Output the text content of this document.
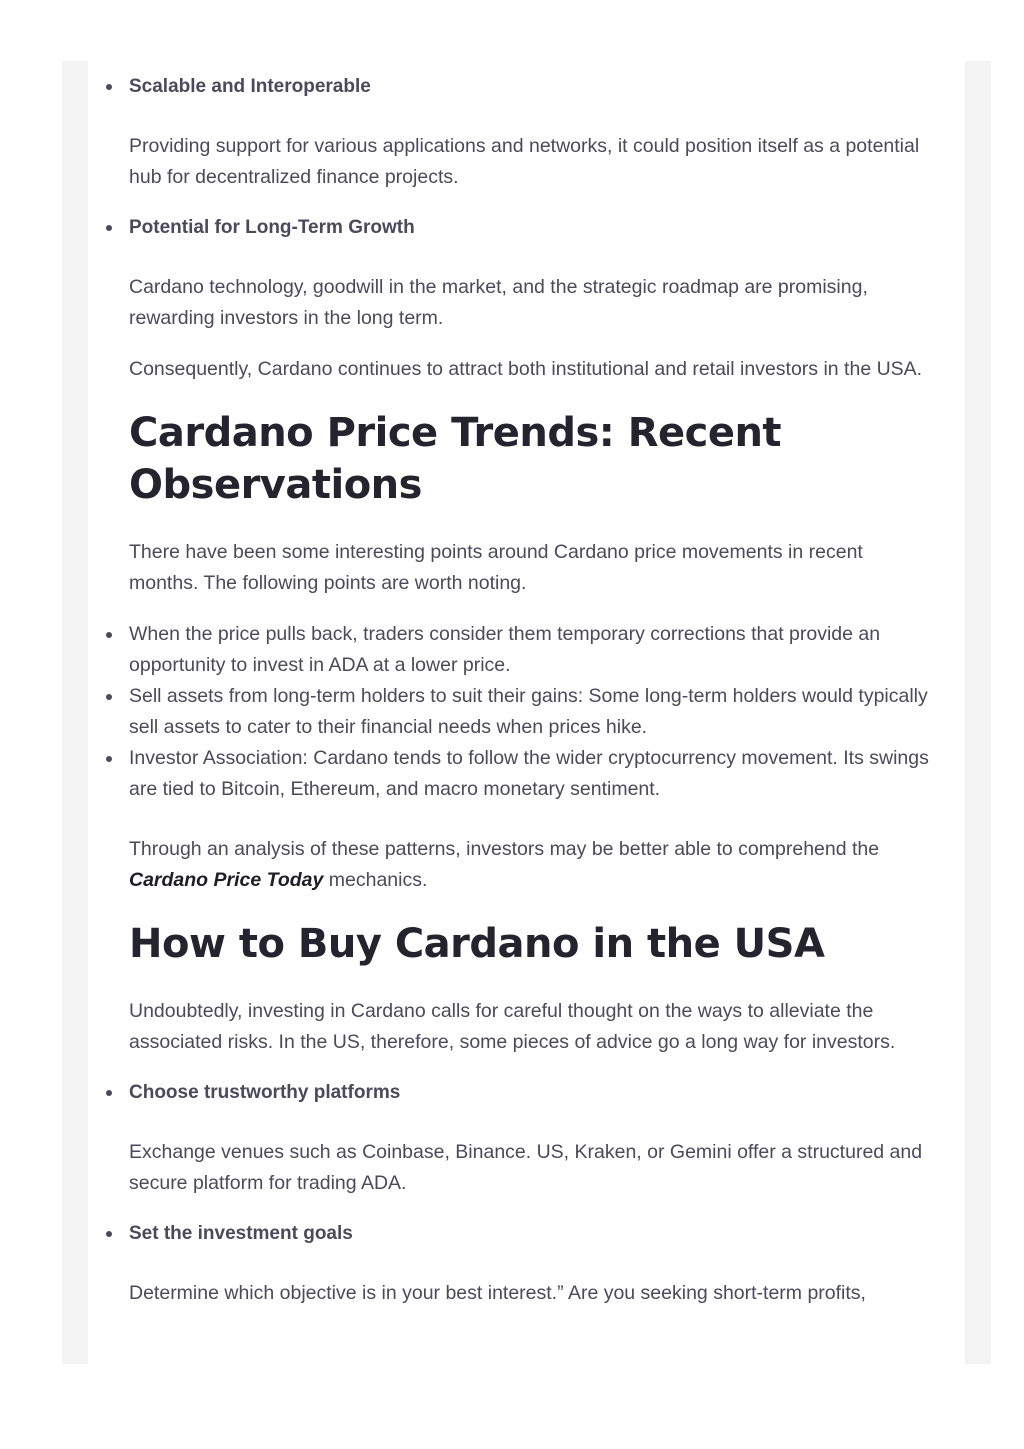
Scalable and Interoperable

Providing support for various applications and networks, it could position itself as a potential hub for decentralized finance projects.

Potential for Long-Term Growth

Cardano technology, goodwill in the market, and the strategic roadmap are promising, rewarding investors in the long term.

Consequently, Cardano continues to attract both institutional and retail investors in the USA.

Cardano Price Trends: Recent Observations

There have been some interesting points around Cardano price movements in recent months. The following points are worth noting.

When the price pulls back, traders consider them temporary corrections that provide an opportunity to invest in ADA at a lower price.
Sell assets from long-term holders to suit their gains: Some long-term holders would typically sell assets to cater to their financial needs when prices hike.
Investor Association: Cardano tends to follow the wider cryptocurrency movement. Its swings are tied to Bitcoin, Ethereum, and macro monetary sentiment.

Through an analysis of these patterns, investors may be better able to comprehend the Cardano Price Today mechanics.

How to Buy Cardano in the USA

Undoubtedly, investing in Cardano calls for careful thought on the ways to alleviate the associated risks. In the US, therefore, some pieces of advice go a long way for investors.

Choose trustworthy platforms

Exchange venues such as Coinbase, Binance. US, Kraken, or Gemini offer a structured and secure platform for trading ADA.

Set the investment goals

Determine which objective is in your best interest.” Are you seeking short-term profits,
